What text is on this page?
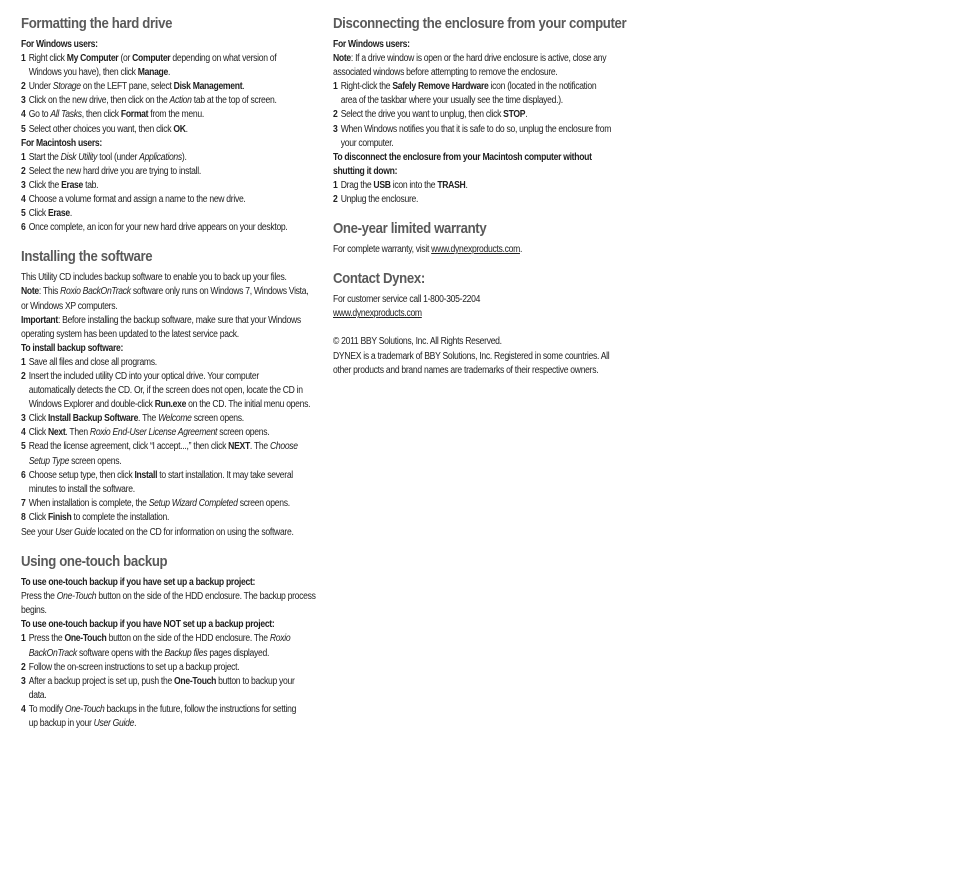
Formatting the hard drive
For Windows users:
1 Right click My Computer (or Computer depending on what version of
Windows you have), then click Manage.
2 Under Storage on the LEFT pane, select Disk Management.
3 Click on the new drive, then click on the Action tab at the top of screen.
4 Go to All Tasks, then click Format from the menu.
5 Select other choices you want, then click OK.
For Macintosh users:
1 Start the Disk Utility tool (under Applications).
2 Select the new hard drive you are trying to install.
3 Click the Erase tab.
4 Choose a volume format and assign a name to the new drive.
5 Click Erase.
6 Once complete, an icon for your new hard drive appears on your desktop.
Installing the software
This Utility CD includes backup software to enable you to back up your files.
Note: This Roxio BackOnTrack software only runs on Windows 7, Windows Vista,
or Windows XP computers.
Important: Before installing the backup software, make sure that your Windows
operating system has been updated to the latest service pack.
To install backup software:
1 Save all files and close all programs.
2 Insert the included utility CD into your optical drive. Your computer
automatically detects the CD. Or, if the screen does not open, locate the CD in
Windows Explorer and double-click Run.exe on the CD. The initial menu opens.
3 Click Install Backup Software. The Welcome screen opens.
4 Click Next. Then Roxio End-User License Agreement screen opens.
5 Read the license agreement, click “I accept...,” then click NEXT. The Choose
Setup Type screen opens.
6 Choose setup type, then click Install to start installation. It may take several
minutes to install the software.
7 When installation is complete, the Setup Wizard Completed screen opens.
8 Click Finish to complete the installation.
See your User Guide located on the CD for information on using the software.
Using one-touch backup
To use one-touch backup if you have set up a backup project:
Press the One-Touch button on the side of the HDD enclosure. The backup process
begins.
To use one-touch backup if you have NOT set up a backup project:
1 Press the One-Touch button on the side of the HDD enclosure. The Roxio
BackOnTrack software opens with the Backup files pages displayed.
2 Follow the on-screen instructions to set up a backup project.
3 After a backup project is set up, push the One-Touch button to backup your
data.
4 To modify One-Touch backups in the future, follow the instructions for setting
up backup in your User Guide.
Disconnecting the enclosure from your computer
For Windows users:
Note: If a drive window is open or the hard drive enclosure is active, close any
associated windows before attempting to remove the enclosure.
1 Right-click the Safely Remove Hardware icon (located in the notification
area of the taskbar where your usually see the time displayed.).
2 Select the drive you want to unplug, then click STOP.
3 When Windows notifies you that it is safe to do so, unplug the enclosure from
your computer.
To disconnect the enclosure from your Macintosh computer without
shutting it down:
1 Drag the USB icon into the TRASH.
2 Unplug the enclosure.
One-year limited warranty
For complete warranty, visit www.dynexproducts.com.
Contact Dynex:
For customer service call 1-800-305-2204
www.dynexproducts.com
© 2011 BBY Solutions, Inc. All Rights Reserved.
DYNEX is a trademark of BBY Solutions, Inc. Registered in some countries. All
other products and brand names are trademarks of their respective owners.
